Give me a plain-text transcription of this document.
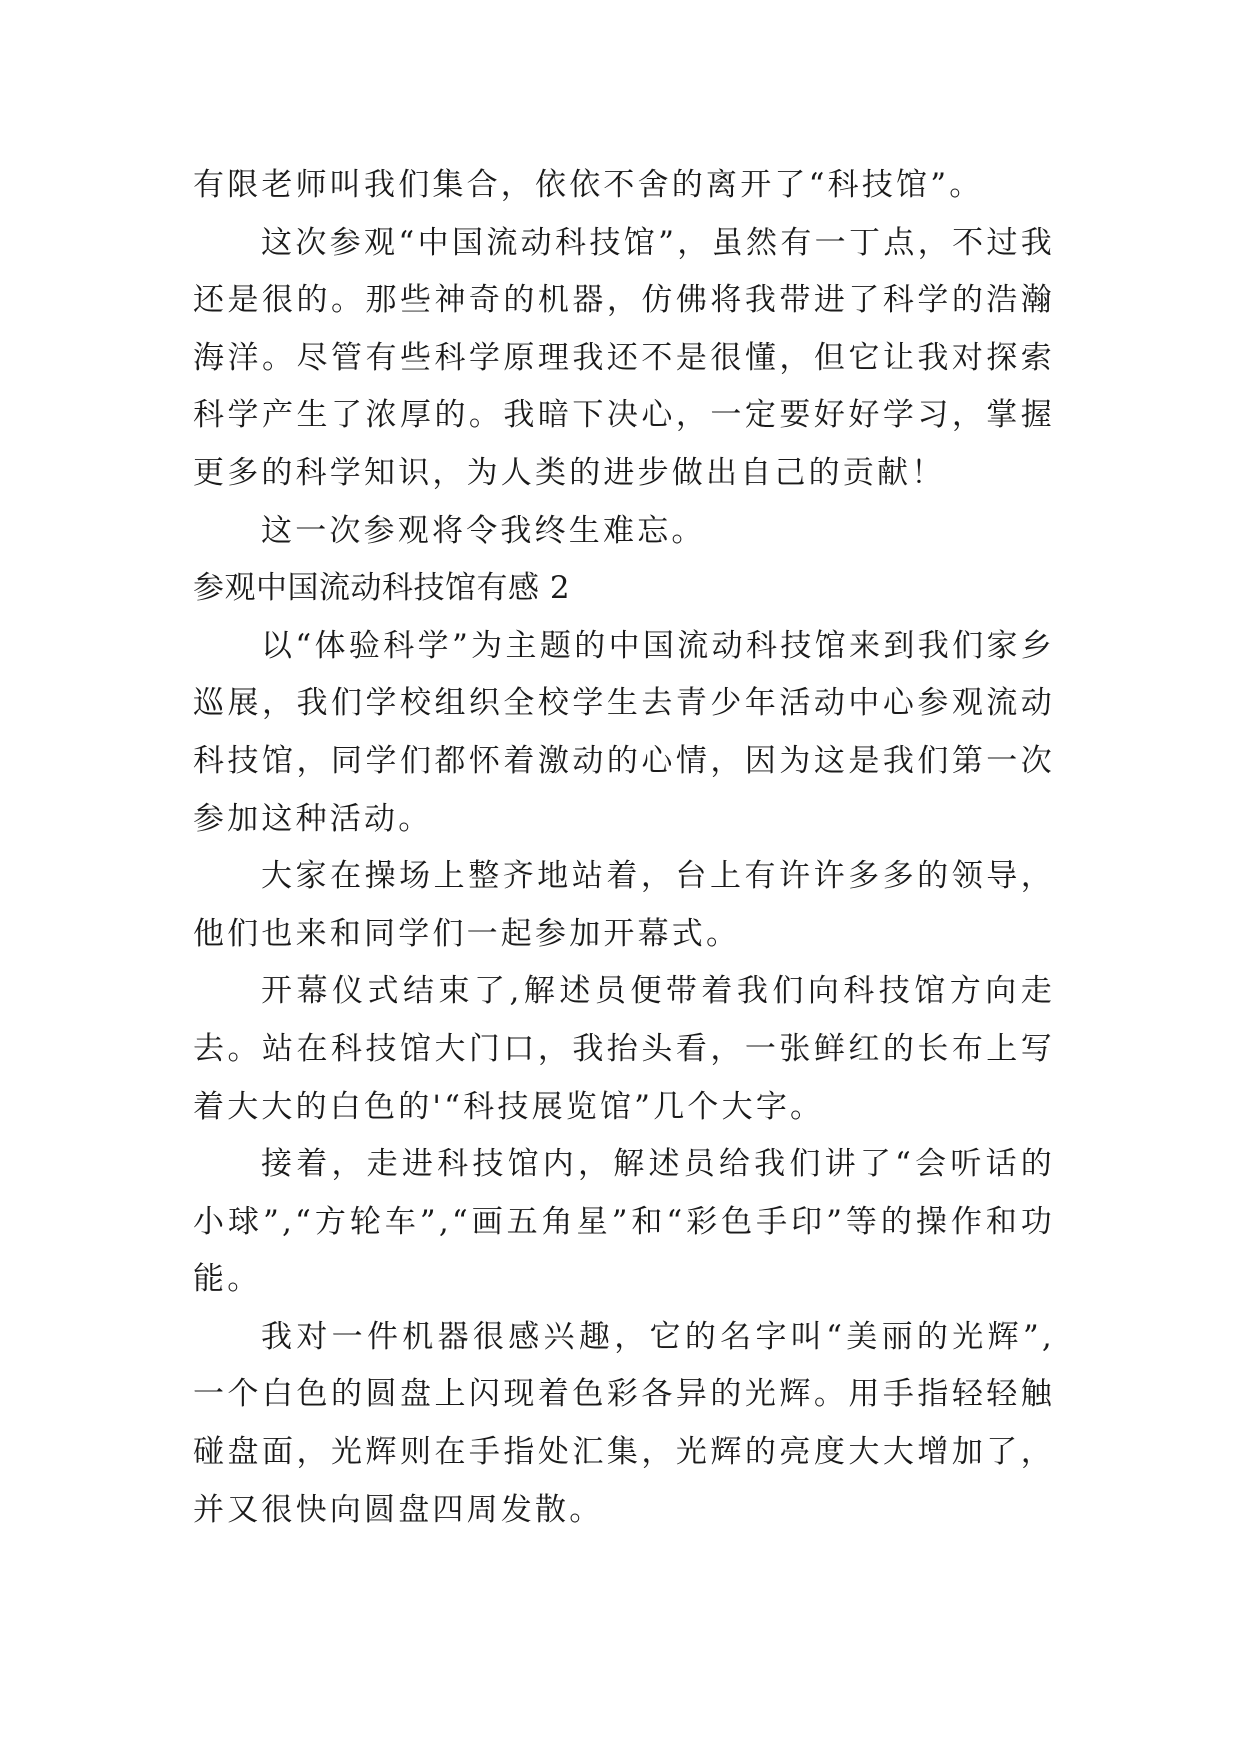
有限老师叫我们集合，依依不舍的离开了“科技馆”。

这次参观“中国流动科技馆”，虽然有一丁点，不过我还是很的。那些神奇的机器，仿佛将我带进了科学的浩瀚海洋。尽管有些科学原理我还不是很懂，但它让我对探索科学产生了浓厚的。我暗下决心，一定要好好学习，掌握更多的科学知识，为人类的进步做出自己的贡献！

这一次参观将令我终生难忘。

参观中国流动科技馆有感 2

以“体验科学”为主题的中国流动科技馆来到我们家乡巡展，我们学校组织全校学生去青少年活动中心参观流动科技馆，同学们都怀着激动的心情，因为这是我们第一次参加这种活动。

大家在操场上整齐地站着，台上有许许多多的领导，他们也来和同学们一起参加开幕式。

开幕仪式结束了,解述员便带着我们向科技馆方向走去。站在科技馆大门口，我抬头看，一张鲜红的长布上写着大大的白色的'“科技展览馆”几个大字。

接着，走进科技馆内，解述员给我们讲了“会听话的小球”,“方轮车”,“画五角星”和“彩色手印”等的操作和功能。

我对一件机器很感兴趣，它的名字叫“美丽的光辉”,一个白色的圆盘上闪现着色彩各异的光辉。用手指轻轻触碰盘面，光辉则在手指处汇集，光辉的亮度大大增加了，并又很快向圆盘四周发散。
